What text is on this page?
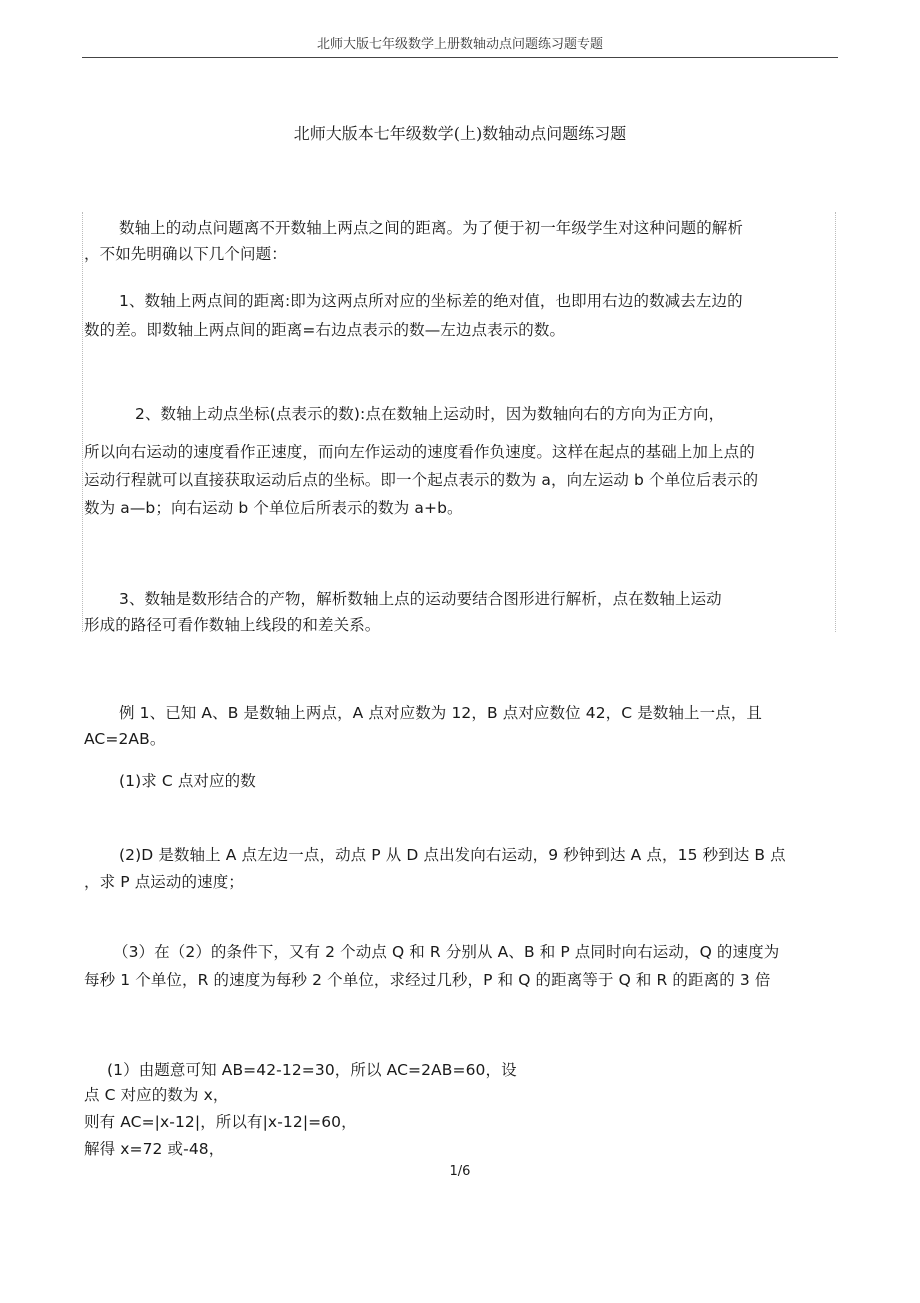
北师大版七年级数学上册数轴动点问题练习题专题
北师大版本七年级数学(上)数轴动点问题练习题
数轴上的动点问题离不开数轴上两点之间的距离。为了便于初一年级学生对这种问题的解析
，不如先明确以下几个问题：
1、数轴上两点间的距离:即为这两点所对应的坐标差的绝对值，也即用右边的数减去左边的
数的差。即数轴上两点间的距离=右边点表示的数—左边点表示的数。
2、数轴上动点坐标(点表示的数):点在数轴上运动时，因为数轴向右的方向为正方向，
所以向右运动的速度看作正速度，而向左作运动的速度看作负速度。这样在起点的基础上加上点的
运动行程就可以直接获取运动后点的坐标。即一个起点表示的数为 a，向左运动 b 个单位后表示的
数为 a—b；向右运动 b 个单位后所表示的数为 a+b。
3、数轴是数形结合的产物，解析数轴上点的运动要结合图形进行解析，点在数轴上运动
形成的路径可看作数轴上线段的和差关系。
例 1、已知 A、B 是数轴上两点，A 点对应数为 12，B 点对应数位 42，C 是数轴上一点，且
AC=2AB。
(1)求 C 点对应的数
(2)D 是数轴上 A 点左边一点，动点 P 从 D 点出发向右运动，9 秒钟到达 A 点，15 秒到达 B 点
，求 P 点运动的速度；
（3）在（2）的条件下，又有 2 个动点 Q 和 R 分别从 A、B 和 P 点同时向右运动，Q 的速度为
每秒 1 个单位，R 的速度为每秒 2 个单位，求经过几秒，P 和 Q 的距离等于 Q 和 R 的距离的 3 倍
(1）由题意可知 AB=42-12=30，所以 AC=2AB=60，设
点 C 对应的数为 x，
则有 AC=|x-12|，所以有|x-12|=60，
解得 x=72 或-48，
1/6
